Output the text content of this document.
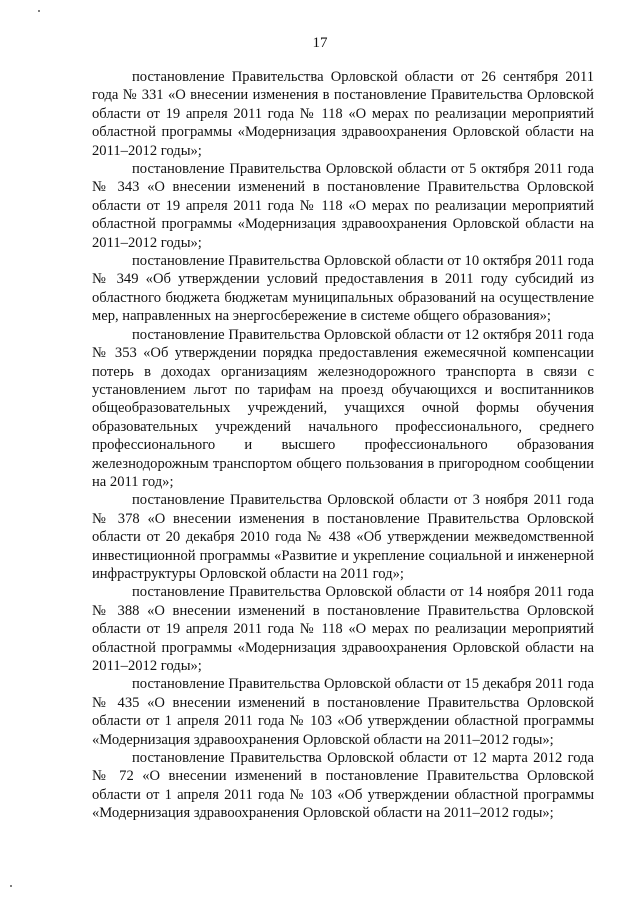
17

постановление Правительства Орловской области от 26 сентября 2011 года № 331 «О внесении изменения в постановление Правительства Орловской области от 19 апреля 2011 года № 118 «О мерах по реализации мероприятий областной программы «Модернизация здравоохранения Орловской области на 2011–2012 годы»;

постановление Правительства Орловской области от 5 октября 2011 года № 343 «О внесении изменений в постановление Правительства Орловской области от 19 апреля 2011 года № 118 «О мерах по реализации мероприятий областной программы «Модернизация здравоохранения Орловской области на 2011–2012 годы»;

постановление Правительства Орловской области от 10 октября 2011 года № 349 «Об утверждении условий предоставления в 2011 году субсидий из областного бюджета бюджетам муниципальных образований на осуществление мер, направленных на энергосбережение в системе общего образования»;

постановление Правительства Орловской области от 12 октября 2011 года № 353 «Об утверждении порядка предоставления ежемесячной компенсации потерь в доходах организациям железнодорожного транспорта в связи с установлением льгот по тарифам на проезд обучающихся и воспитанников общеобразовательных учреждений, учащихся очной формы обучения образовательных учреждений начального профессионального, среднего профессионального и высшего профессионального образования железнодорожным транспортом общего пользования в пригородном сообщении на 2011 год»;

постановление Правительства Орловской области от 3 ноября 2011 года № 378 «О внесении изменения в постановление Правительства Орловской области от 20 декабря 2010 года № 438 «Об утверждении межведомственной инвестиционной программы «Развитие и укрепление социальной и инженерной инфраструктуры Орловской области на 2011 год»;

постановление Правительства Орловской области от 14 ноября 2011 года № 388 «О внесении изменений в постановление Правительства Орловской области от 19 апреля 2011 года № 118 «О мерах по реализации мероприятий областной программы «Модернизация здравоохранения Орловской области на 2011–2012 годы»;

постановление Правительства Орловской области от 15 декабря 2011 года № 435 «О внесении изменений в постановление Правительства Орловской области от 1 апреля 2011 года № 103 «Об утверждении областной программы «Модернизация здравоохранения Орловской области на 2011–2012 годы»;

постановление Правительства Орловской области от 12 марта 2012 года № 72 «О внесении изменений в постановление Правительства Орловской области от 1 апреля 2011 года № 103 «Об утверждении областной программы «Модернизация здравоохранения Орловской области на 2011–2012 годы»;
